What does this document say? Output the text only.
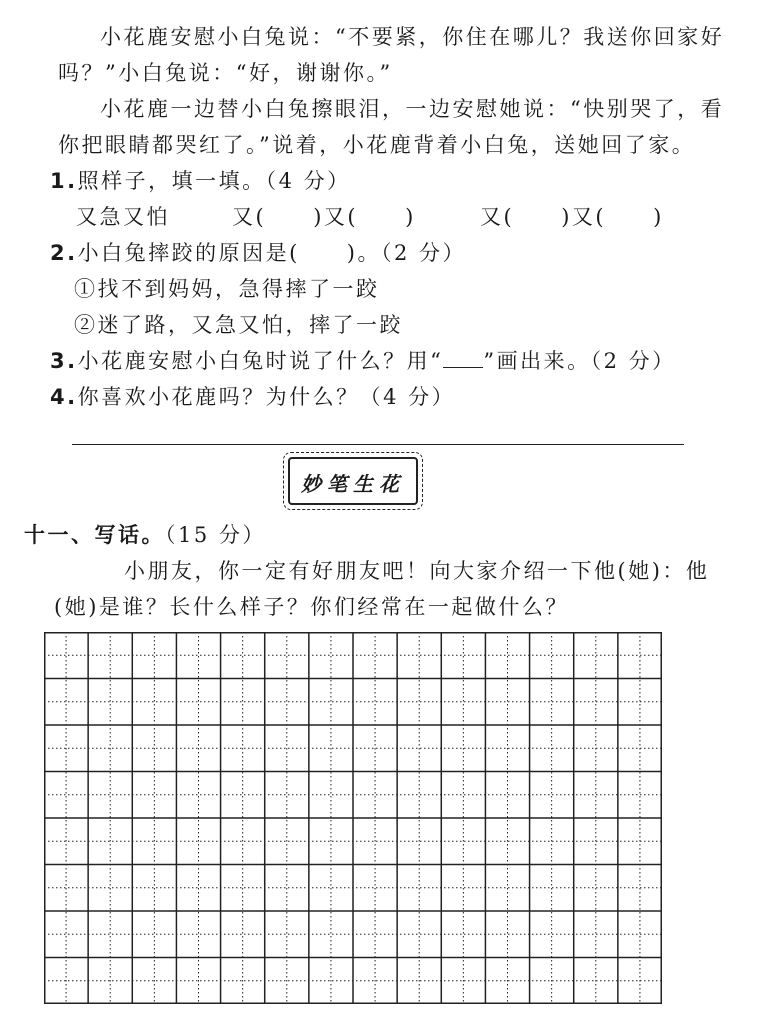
小花鹿安慰小白兔说：“不要紧，你住在哪儿？我送你回家好
吗？”小白兔说：“好，谢谢你。”
小花鹿一边替小白兔擦眼泪，一边安慰她说：“快别哭了，看
你把眼睛都哭红了。”说着，小花鹿背着小白兔，送她回了家。
1.照样子，填一填。（4 分）
又急又怕	又(　　)又(　　)	又(　　)又(　　)
2.小白兔摔跤的原因是(　　)。（2 分）
①找不到妈妈，急得摔了一跤
②迷了路，又急又怕，摔了一跤
3.小花鹿安慰小白兔时说了什么？用“ ”画出来。（2 分）
4.你喜欢小花鹿吗？为什么？（4 分）
妙笔生花
十一、写话。（15 分）
小朋友，你一定有好朋友吧！向大家介绍一下他(她)：他
(她)是谁？长什么样子？你们经常在一起做什么？
